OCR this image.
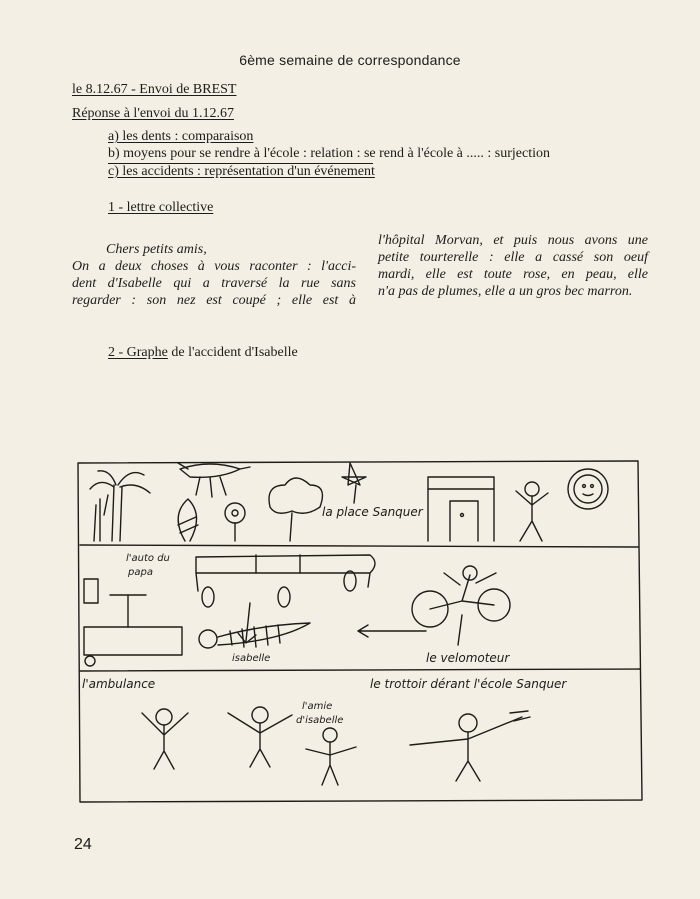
6ème semaine de correspondance
le 8.12.67 - Envoi de BREST
Réponse à l'envoi du 1.12.67
a) les dents : comparaison
b) moyens pour se rendre à l'école : relation : se rend à l'école à ..... : surjection
c) les accidents : représentation d'un événement
1 - lettre collective

Chers petits amis,

On a deux choses à vous raconter : l'acci-

dent d'Isabelle qui a traversé la rue sans

regarder : son nez est coupé ; elle est à

l'hôpital Morvan, et puis nous avons une

petite tourterelle : elle a cassé son oeuf

mardi, elle est toute rose, en peau, elle

n'a pas de plumes, elle a un gros bec marron.

2 - Graphe de l'accident d'Isabelle
la place Sanquer
l'auto du
papa
isabelle	le velomoteur
l'ambulance	le trottoir dérant l'école Sanquer
l'amie
d'isabelle
24
